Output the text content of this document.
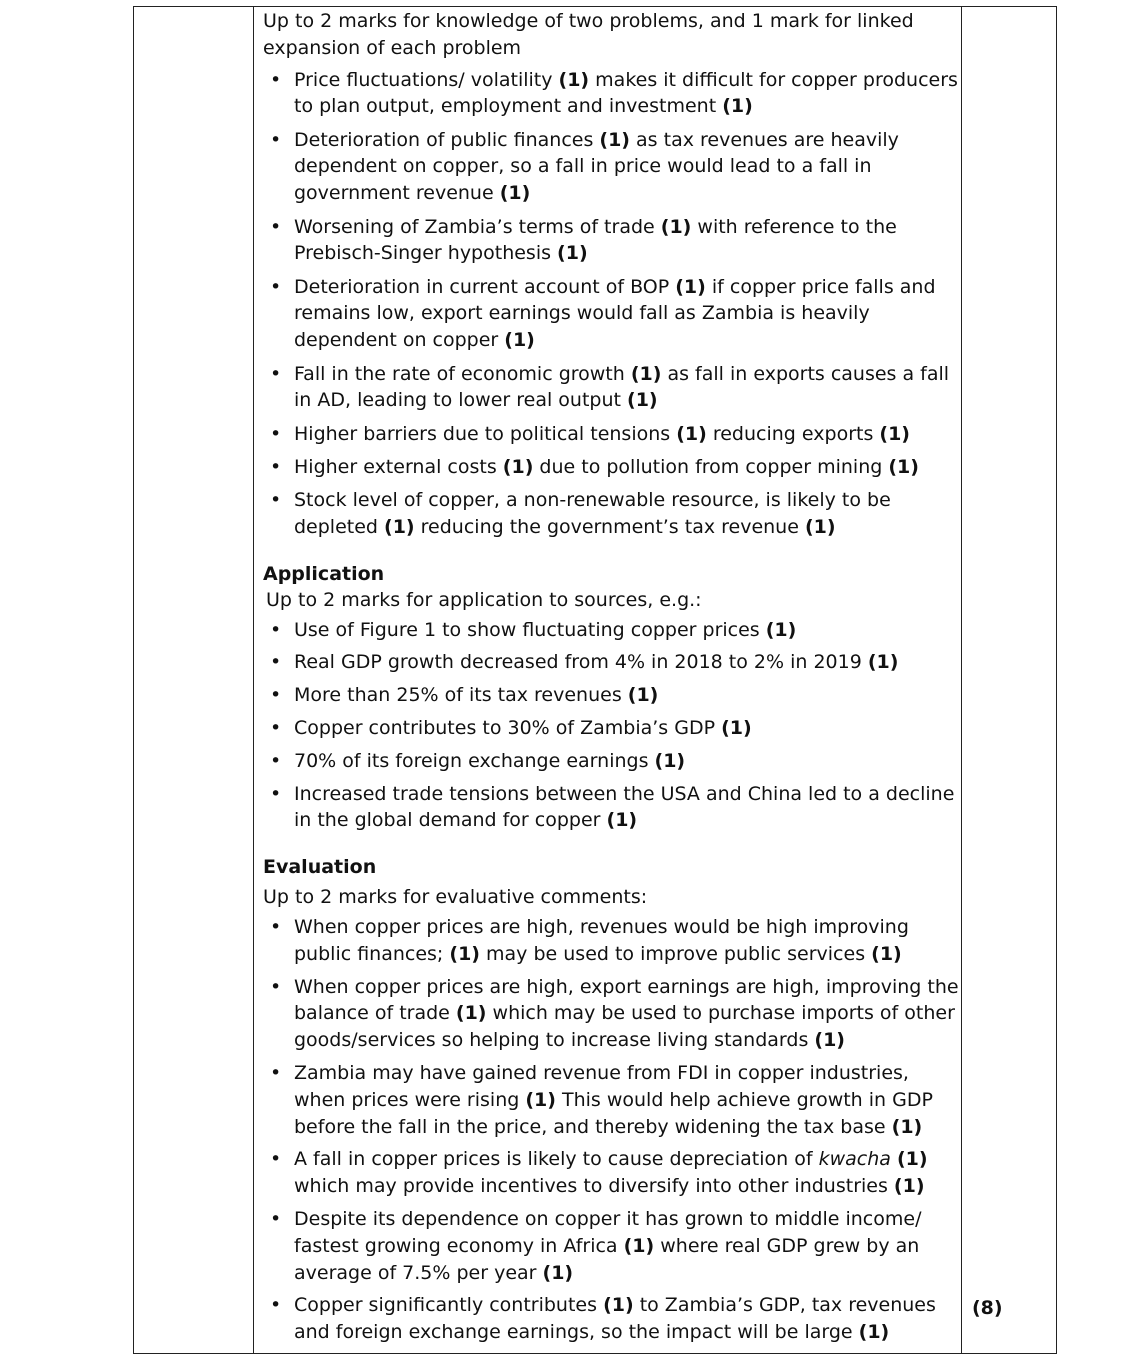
Up to 2 marks for knowledge of two problems, and 1 mark for linked
expansion of each problem

• Price fluctuations/ volatility (1) makes it difficult for copper producers to plan output, employment and investment (1)
• Deterioration of public finances (1) as tax revenues are heavily dependent on copper, so a fall in price would lead to a fall in government revenue (1)
• Worsening of Zambia’s terms of trade (1) with reference to the Prebisch-Singer hypothesis (1)
• Deterioration in current account of BOP (1) if copper price falls and remains low, export earnings would fall as Zambia is heavily dependent on copper (1)
• Fall in the rate of economic growth (1) as fall in exports causes a fall in AD, leading to lower real output (1)
• Higher barriers due to political tensions (1) reducing exports (1)
• Higher external costs (1) due to pollution from copper mining (1)
• Stock level of copper, a non-renewable resource, is likely to be depleted (1) reducing the government’s tax revenue (1)
Application

Up to 2 marks for application to sources, e.g.:

• Use of Figure 1 to show fluctuating copper prices (1)
• Real GDP growth decreased from 4% in 2018 to 2% in 2019 (1)
• More than 25% of its tax revenues (1)
• Copper contributes to 30% of Zambia’s GDP (1)
• 70% of its foreign exchange earnings (1)
• Increased trade tensions between the USA and China led to a decline in the global demand for copper (1)
Evaluation

Up to 2 marks for evaluative comments:

• When copper prices are high, revenues would be high improving public finances; (1) may be used to improve public services (1)
• When copper prices are high, export earnings are high, improving the balance of trade (1) which may be used to purchase imports of other goods/services so helping to increase living standards (1)
• Zambia may have gained revenue from FDI in copper industries, when prices were rising (1) This would help achieve growth in GDP before the fall in the price, and thereby widening the tax base (1)
• A fall in copper prices is likely to cause depreciation of kwacha (1) which may provide incentives to diversify into other industries (1)
• Despite its dependence on copper it has grown to middle income/ fastest growing economy in Africa (1) where real GDP grew by an average of 7.5% per year (1)
• Copper significantly contributes (1) to Zambia’s GDP, tax revenues and foreign exchange earnings, so the impact will be large (1)
(8)
